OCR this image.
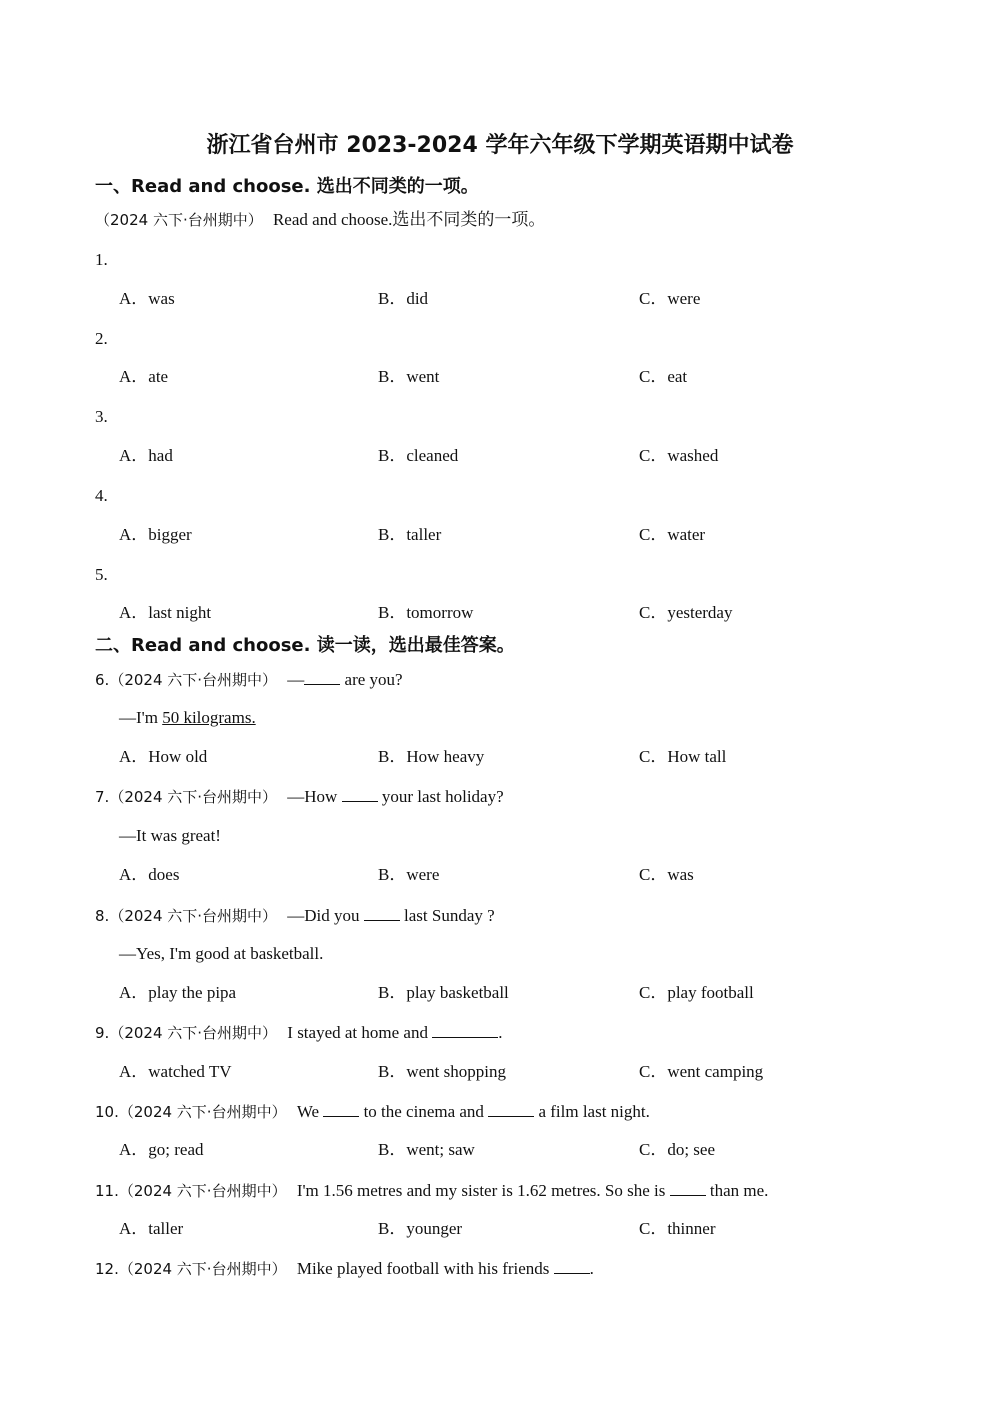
浙江省台州市 2023-2024 学年六年级下学期英语期中试卷
一、Read and choose. 选出不同类的一项。
（2024 六下·台州期中） Read and choose.选出不同类的一项。
1.
A．was	B．did	C．were
2.
A．ate	B．went	C．eat
3.
A．had	B．cleaned	C．washed
4.
A．bigger	B．taller	C．water
5.
A．last night	B．tomorrow	C．yesterday
二、Read and choose. 读一读，选出最佳答案。
6.（2024 六下·台州期中） — are you?
—I'm 50 kilograms.
A．How old	B．How heavy	C．How tall
7.（2024 六下·台州期中） —How  your last holiday?
—It was great!
A．does	B．were	C．was
8.（2024 六下·台州期中） —Did you  last Sunday ?
—Yes, I'm good at basketball.
A．play the pipa	B．play basketball	C．play football
9.（2024 六下·台州期中） I stayed at home and	.
A．watched TV	B．went shopping	C．went camping
10.（2024 六下·台州期中） We  to the cinema and	a film last night.
A．go; read	B．went; saw	C．do; see
11.（2024 六下·台州期中） I'm 1.56 metres and my sister is 1.62 metres. So she is  than me.
A．taller	B．younger	C．thinner
12.（2024 六下·台州期中） Mike played football with his friends .
